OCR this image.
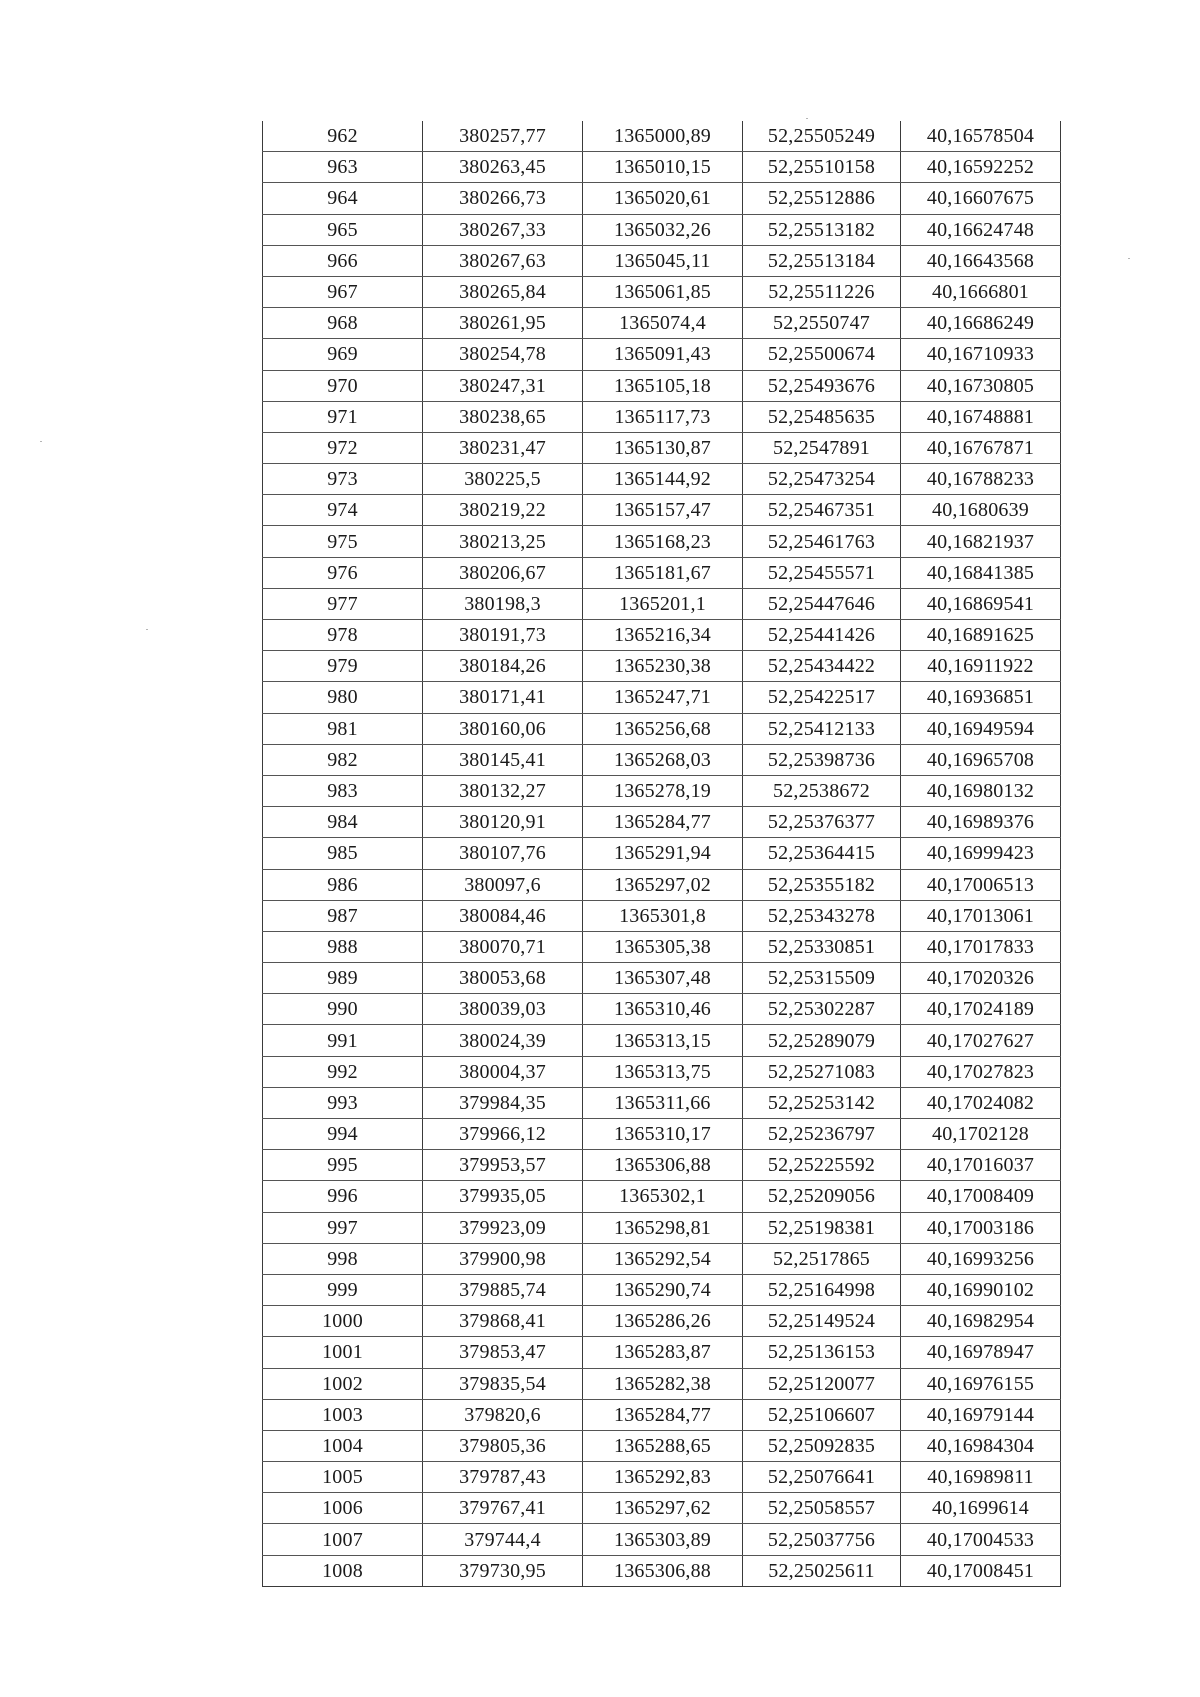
962	380257,77	1365000,89	52,25505249	40,16578504
963	380263,45	1365010,15	52,25510158	40,16592252
964	380266,73	1365020,61	52,25512886	40,16607675
965	380267,33	1365032,26	52,25513182	40,16624748
966	380267,63	1365045,11	52,25513184	40,16643568
967	380265,84	1365061,85	52,25511226	40,1666801
968	380261,95	1365074,4	52,2550747	40,16686249
969	380254,78	1365091,43	52,25500674	40,16710933
970	380247,31	1365105,18	52,25493676	40,16730805
971	380238,65	1365117,73	52,25485635	40,16748881
972	380231,47	1365130,87	52,2547891	40,16767871
973	380225,5	1365144,92	52,25473254	40,16788233
974	380219,22	1365157,47	52,25467351	40,1680639
975	380213,25	1365168,23	52,25461763	40,16821937
976	380206,67	1365181,67	52,25455571	40,16841385
977	380198,3	1365201,1	52,25447646	40,16869541
978	380191,73	1365216,34	52,25441426	40,16891625
979	380184,26	1365230,38	52,25434422	40,16911922
980	380171,41	1365247,71	52,25422517	40,16936851
981	380160,06	1365256,68	52,25412133	40,16949594
982	380145,41	1365268,03	52,25398736	40,16965708
983	380132,27	1365278,19	52,2538672	40,16980132
984	380120,91	1365284,77	52,25376377	40,16989376
985	380107,76	1365291,94	52,25364415	40,16999423
986	380097,6	1365297,02	52,25355182	40,17006513
987	380084,46	1365301,8	52,25343278	40,17013061
988	380070,71	1365305,38	52,25330851	40,17017833
989	380053,68	1365307,48	52,25315509	40,17020326
990	380039,03	1365310,46	52,25302287	40,17024189
991	380024,39	1365313,15	52,25289079	40,17027627
992	380004,37	1365313,75	52,25271083	40,17027823
993	379984,35	1365311,66	52,25253142	40,17024082
994	379966,12	1365310,17	52,25236797	40,1702128
995	379953,57	1365306,88	52,25225592	40,17016037
996	379935,05	1365302,1	52,25209056	40,17008409
997	379923,09	1365298,81	52,25198381	40,17003186
998	379900,98	1365292,54	52,2517865	40,16993256
999	379885,74	1365290,74	52,25164998	40,16990102
1000	379868,41	1365286,26	52,25149524	40,16982954
1001	379853,47	1365283,87	52,25136153	40,16978947
1002	379835,54	1365282,38	52,25120077	40,16976155
1003	379820,6	1365284,77	52,25106607	40,16979144
1004	379805,36	1365288,65	52,25092835	40,16984304
1005	379787,43	1365292,83	52,25076641	40,16989811
1006	379767,41	1365297,62	52,25058557	40,1699614
1007	379744,4	1365303,89	52,25037756	40,17004533
1008	379730,95	1365306,88	52,25025611	40,17008451
